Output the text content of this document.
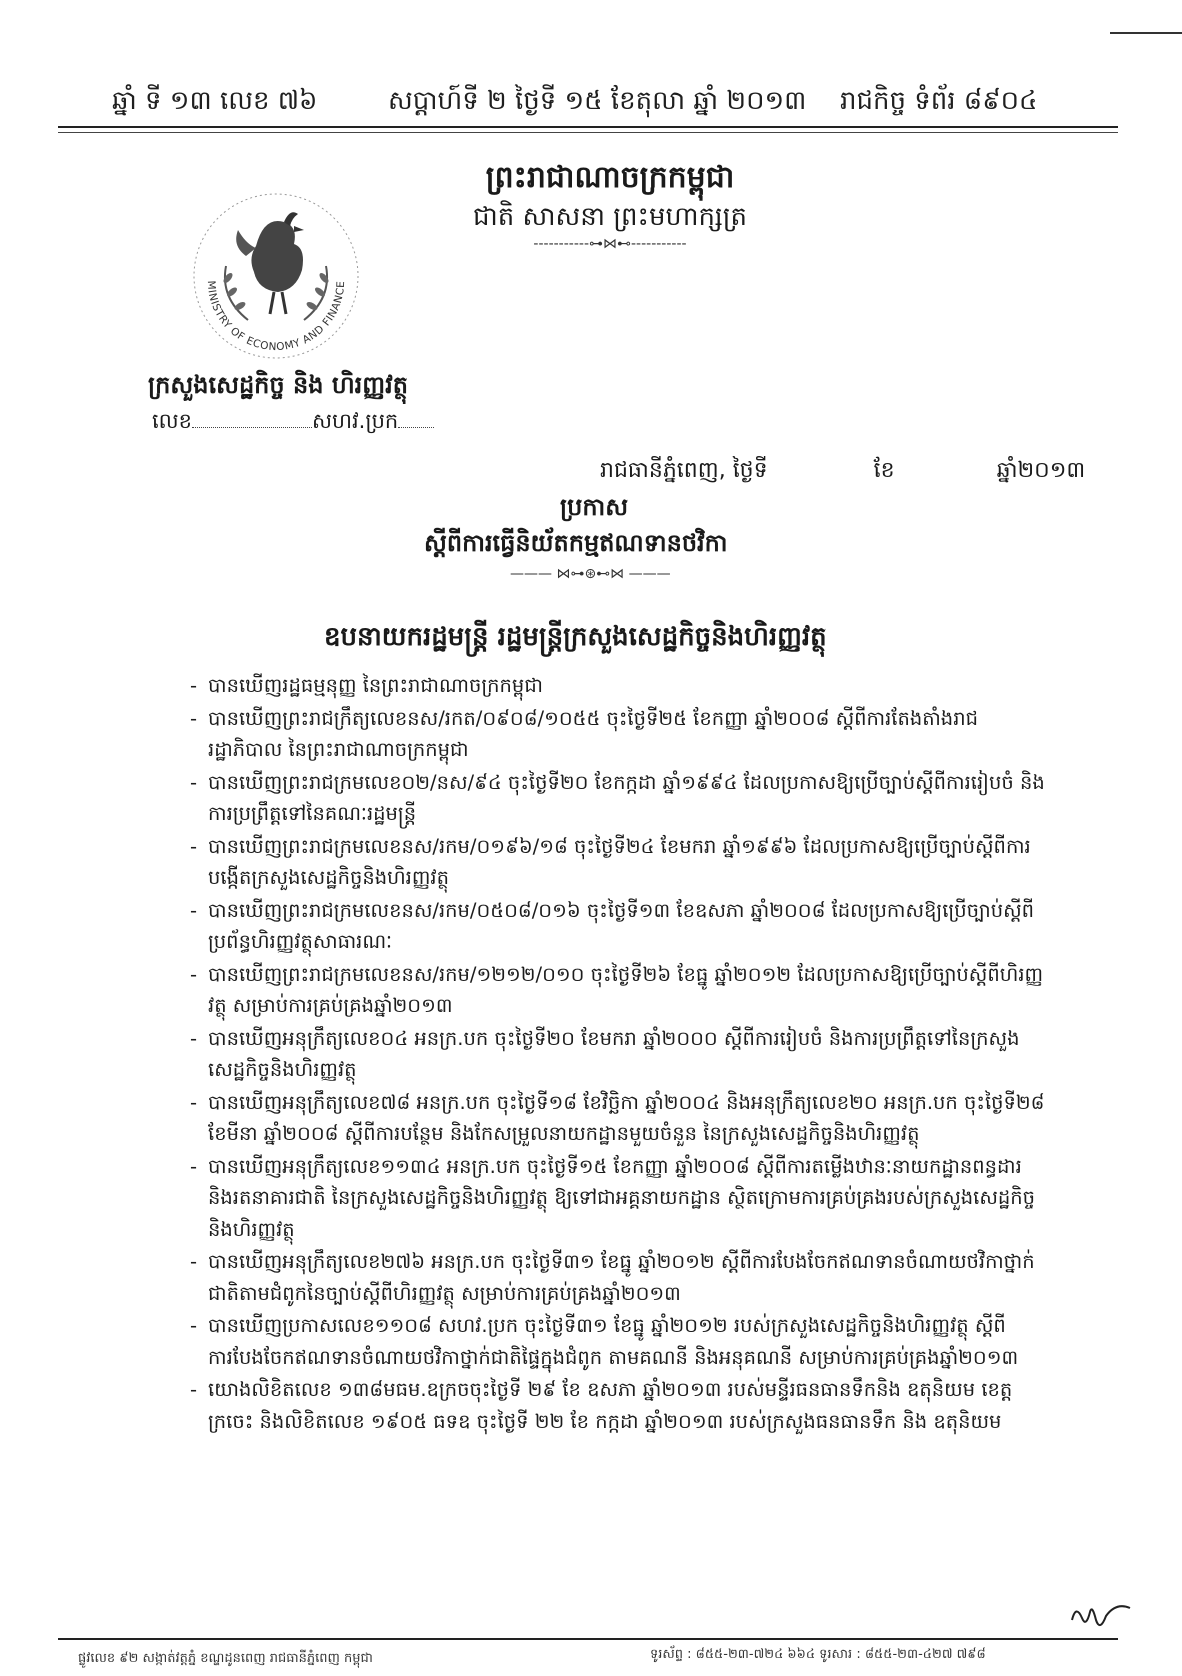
ឆ្នាំ ទី ១៣ លេខ ៧៦	សប្តាហ៍ទី ២ ថ្ងៃទី ១៥ ខែតុលា ឆ្នាំ ២០១៣ រាជកិច្ច ទំព័រ ៨៩០៤
ព្រះរាជាណាចក្រកម្ពុជា
ជាតិ សាសនា ព្រះមហាក្សត្រ
-----------⊶⋈⊷-----------
MINISTRY OF ECONOMY AND FINANCE
ក្រសួងសេដ្ឋកិច្ច និង ហិរញ្ញវត្ថុ
លេខ	សហវ.ប្រក
រាជធានីភ្នំពេញ, ថ្ងៃទី	ខែ	ឆ្នាំ២០១៣
ប្រកាស
ស្តីពីការធ្វើនិយ័តកម្មឥណទានថវិកា
——— ⋈⊶⊛⊷⋈ ———
ឧបនាយករដ្ឋមន្ត្រី រដ្ឋមន្ត្រីក្រសួងសេដ្ឋកិច្ចនិងហិរញ្ញវត្ថុ
- បានឃើញរដ្ឋធម្មនុញ្ញ នៃព្រះរាជាណាចក្រកម្ពុជា
- បានឃើញព្រះរាជក្រឹត្យលេខនស/រកត/០៩០៨/១០៥៥ ចុះថ្ងៃទី២៥ ខែកញ្ញា ឆ្នាំ២០០៨ ស្តីពីការតែងតាំងរាជរដ្ឋាភិបាល នៃព្រះរាជាណាចក្រកម្ពុជា
- បានឃើញព្រះរាជក្រមលេខ០២/នស/៩៤ ចុះថ្ងៃទី២០ ខែកក្កដា ឆ្នាំ១៩៩៤ ដែលប្រកាសឱ្យប្រើច្បាប់ស្តីពីការរៀបចំ និងការប្រព្រឹត្តទៅនៃគណៈរដ្ឋមន្ត្រី
- បានឃើញព្រះរាជក្រមលេខនស/រកម/០១៩៦/១៨ ចុះថ្ងៃទី២៤ ខែមករា ឆ្នាំ១៩៩៦ ដែលប្រកាសឱ្យប្រើច្បាប់ស្តីពីការបង្កើតក្រសួងសេដ្ឋកិច្ចនិងហិរញ្ញវត្ថុ
- បានឃើញព្រះរាជក្រមលេខនស/រកម/០៥០៨/០១៦ ចុះថ្ងៃទី១៣ ខែឧសភា ឆ្នាំ២០០៨ ដែលប្រកាសឱ្យប្រើច្បាប់ស្តីពីប្រព័ន្ធហិរញ្ញវត្ថុសាធារណៈ
- បានឃើញព្រះរាជក្រមលេខនស/រកម/១២១២/០១០ ចុះថ្ងៃទី២៦ ខែធ្នូ ឆ្នាំ២០១២ ដែលប្រកាសឱ្យប្រើច្បាប់ស្តីពីហិរញ្ញវត្ថុ សម្រាប់ការគ្រប់គ្រងឆ្នាំ២០១៣
- បានឃើញអនុក្រឹត្យលេខ០៤ អនក្រ.បក ចុះថ្ងៃទី២០ ខែមករា ឆ្នាំ២០០០ ស្តីពីការរៀបចំ និងការប្រព្រឹត្តទៅនៃក្រសួងសេដ្ឋកិច្ចនិងហិរញ្ញវត្ថុ
- បានឃើញអនុក្រឹត្យលេខ៧៨ អនក្រ.បក ចុះថ្ងៃទី១៨ ខែវិច្ឆិកា ឆ្នាំ២០០៤ និងអនុក្រឹត្យលេខ២០ អនក្រ.បក ចុះថ្ងៃទី២៨ ខែមីនា ឆ្នាំ២០០៨ ស្តីពីការបន្ថែម និងកែសម្រួលនាយកដ្ឋានមួយចំនួន នៃក្រសួងសេដ្ឋកិច្ចនិងហិរញ្ញវត្ថុ
- បានឃើញអនុក្រឹត្យលេខ១១៣៤ អនក្រ.បក ចុះថ្ងៃទី១៥ ខែកញ្ញា ឆ្នាំ២០០៨ ស្តីពីការតម្លើងឋានៈនាយកដ្ឋានពន្ធដារ និងរតនាគារជាតិ នៃក្រសួងសេដ្ឋកិច្ចនិងហិរញ្ញវត្ថុ ឱ្យទៅជាអគ្គនាយកដ្ឋាន ស្ថិតក្រោមការគ្រប់គ្រងរបស់ក្រសួងសេដ្ឋកិច្ចនិងហិរញ្ញវត្ថុ
- បានឃើញអនុក្រឹត្យលេខ២៧៦ អនក្រ.បក ចុះថ្ងៃទី៣១ ខែធ្នូ ឆ្នាំ២០១២ ស្តីពីការបែងចែកឥណទានចំណាយថវិកាថ្នាក់ជាតិតាមជំពូកនៃច្បាប់ស្តីពីហិរញ្ញវត្ថុ សម្រាប់ការគ្រប់គ្រងឆ្នាំ២០១៣
- បានឃើញប្រកាសលេខ១១០៨ សហវ.ប្រក ចុះថ្ងៃទី៣១ ខែធ្នូ ឆ្នាំ២០១២ របស់ក្រសួងសេដ្ឋកិច្ចនិងហិរញ្ញវត្ថុ ស្តីពីការបែងចែកឥណទានចំណាយថវិកាថ្នាក់ជាតិផ្ទៃក្នុងជំពូក តាមគណនី និងអនុគណនី សម្រាប់ការគ្រប់គ្រងឆ្នាំ២០១៣
- យោងលិខិតលេខ ១៣៨មធម.ឧក្រចចុះថ្ងៃទី ២៩ ខែ ឧសភា ឆ្នាំ២០១៣ របស់មន្ទីរធនធានទឹកនិង ឧតុនិយម ខេត្តក្រចេះ និងលិខិតលេខ ១៩០៥ ធទឧ ចុះថ្ងៃទី ២២ ខែ កក្កដា ឆ្នាំ២០១៣ របស់ក្រសួងធនធានទឹក និង ឧតុនិយម
ផ្លូវលេខ ៩២ សង្កាត់វត្តភ្នំ ខណ្ឌដូនពេញ រាជធានីភ្នំពេញ កម្ពុជា	ទូរស័ព្ទ : ៨៥៥-២៣-៧២៤ ៦៦៤ ទូរសារ : ៨៥៥-២៣-៤២៧ ៧៩៨
